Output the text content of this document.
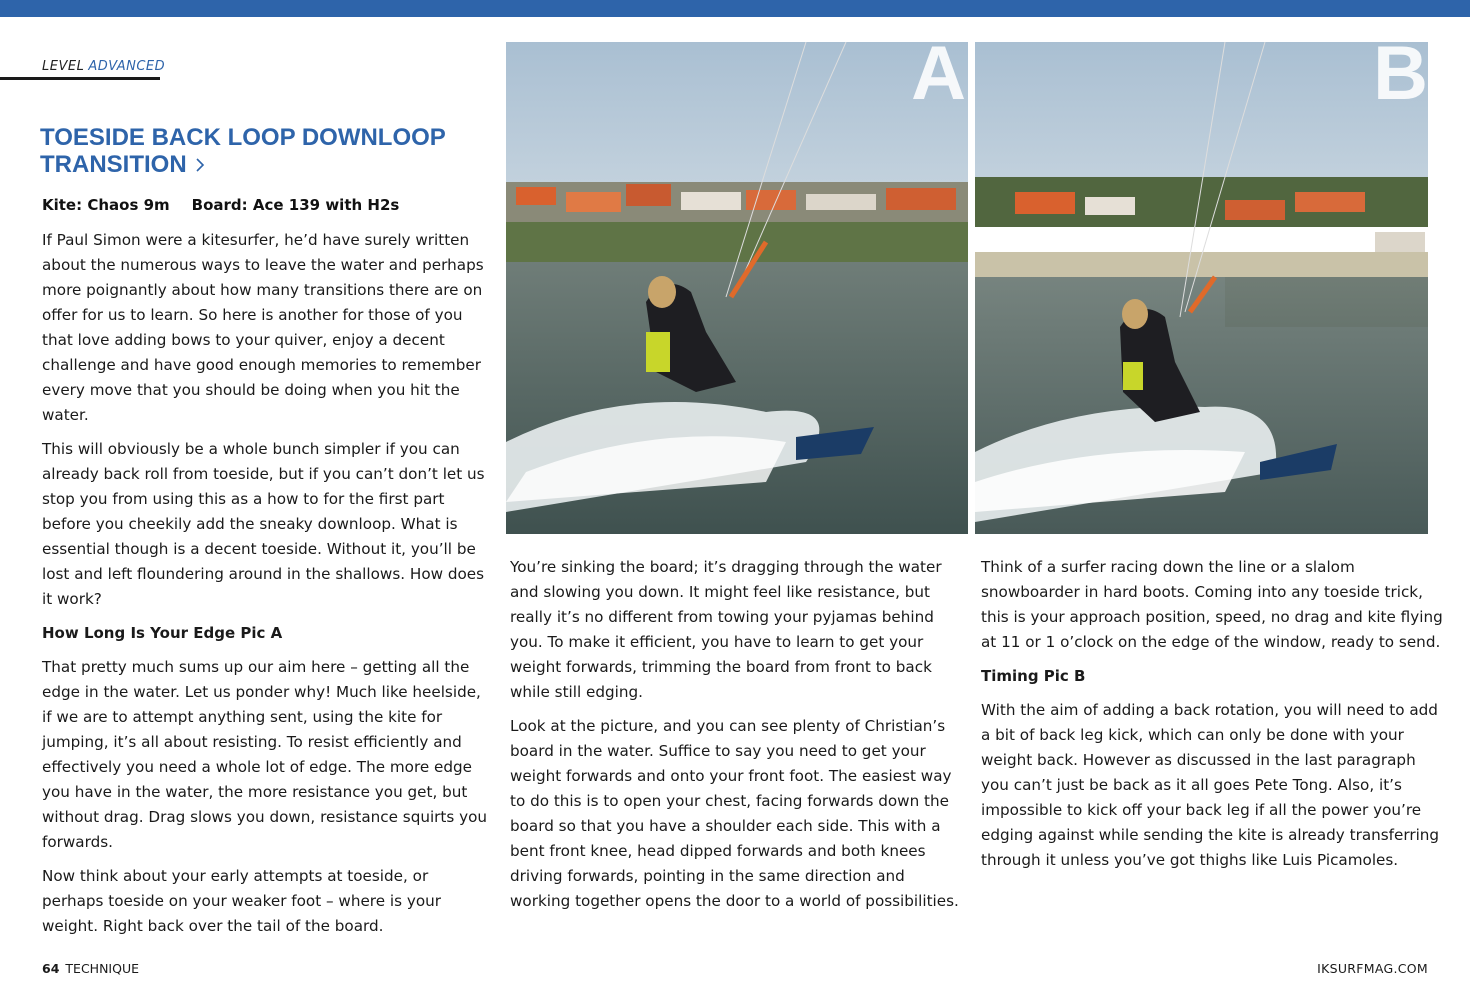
LEVEL ADVANCED
TOESIDE BACK LOOP DOWNLOOP TRANSITION
Kite: Chaos 9m Board: Ace 139 with H2s

If Paul Simon were a kitesurfer, he’d have surely written about the numerous ways to leave the water and perhaps more poignantly about how many transitions there are on offer for us to learn. So here is another for those of you that love adding bows to your quiver, enjoy a decent challenge and have good enough memories to remember every move that you should be doing when you hit the water.

This will obviously be a whole bunch simpler if you can already back roll from toeside, but if you can’t don’t let us stop you from using this as a how to for the first part before you cheekily add the sneaky downloop. What is essential though is a decent toeside. Without it, you’ll be lost and left floundering around in the shallows. How does it work?

How Long Is Your Edge Pic A

That pretty much sums up our aim here – getting all the edge in the water. Let us ponder why! Much like heelside, if we are to attempt anything sent, using the kite for jumping, it’s all about resisting. To resist efficiently and effectively you need a whole lot of edge. The more edge you have in the water, the more resistance you get, but without drag. Drag slows you down, resistance squirts you forwards.

Now think about your early attempts at toeside, or perhaps toeside on your weaker foot – where is your weight. Right back over the tail of the board.

A	B

You’re sinking the board; it’s dragging through the water and slowing you down. It might feel like resistance, but really it’s no different from towing your pyjamas behind you. To make it efficient, you have to learn to get your weight forwards, trimming the board from front to back while still edging.

Look at the picture, and you can see plenty of Christian’s board in the water. Suffice to say you need to get your weight forwards and onto your front foot. The easiest way to do this is to open your chest, facing forwards down the board so that you have a shoulder each side. This with a bent front knee, head dipped forwards and both knees driving forwards, pointing in the same direction and working together opens the door to a world of possibilities.

Think of a surfer racing down the line or a slalom snowboarder in hard boots. Coming into any toeside trick, this is your approach position, speed, no drag and kite flying at 11 or 1 o’clock on the edge of the window, ready to send.

Timing Pic B

With the aim of adding a back rotation, you will need to add a bit of back leg kick, which can only be done with your weight back. However as discussed in the last paragraph you can’t just be back as it all goes Pete Tong. Also, it’s impossible to kick off your back leg if all the power you’re edging against while sending the kite is already transferring through it unless you’ve got thighs like Luis Picamoles.

64 TECHNIQUE	IKSURFMAG.COM
